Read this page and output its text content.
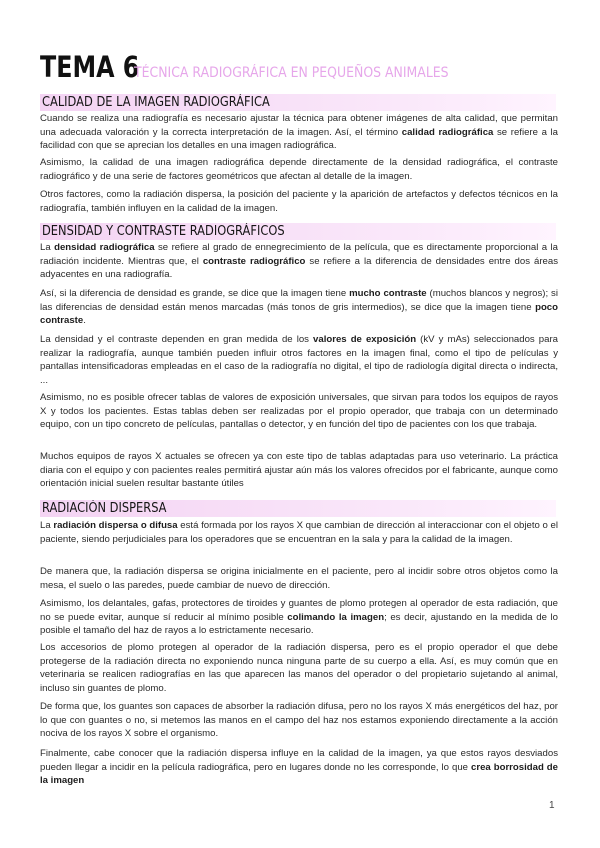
TEMA 6
TÉCNICA RADIOGRÁFICA EN PEQUEÑOS ANIMALES
CALIDAD DE LA IMAGEN RADIOGRÁFICA

Cuando se realiza una radiografía es necesario ajustar la técnica para obtener imágenes de alta calidad, que permitan una adecuada valoración y la correcta interpretación de la imagen. Así, el término calidad radiográfica se refiere a la facilidad con que se aprecian los detalles en una imagen radiográfica.

Asimismo, la calidad de una imagen radiográfica depende directamente de la densidad radiográfica, el contraste radiográfico y de una serie de factores geométricos que afectan al detalle de la imagen.

Otros factores, como la radiación dispersa, la posición del paciente y la aparición de artefactos y defectos técnicos en la radiografía, también influyen en la calidad de la imagen.

DENSIDAD Y CONTRASTE RADIOGRÁFICOS

La densidad radiográfica se refiere al grado de ennegrecimiento de la película, que es directamente proporcional a la radiación incidente. Mientras que, el contraste radiográfico se refiere a la diferencia de densidades entre dos áreas adyacentes en una radiografía.

Así, si la diferencia de densidad es grande, se dice que la imagen tiene mucho contraste (muchos blancos y negros); si las diferencias de densidad están menos marcadas (más tonos de gris intermedios), se dice que la imagen tiene poco contraste.

La densidad y el contraste dependen en gran medida de los valores de exposición (kV y mAs) seleccionados para realizar la radiografía, aunque también pueden influir otros factores en la imagen final, como el tipo de películas y pantallas intensificadoras empleadas en el caso de la radiografía no digital, el tipo de radiología digital directa o indirecta, ...

Asimismo, no es posible ofrecer tablas de valores de exposición universales, que sirvan para todos los equipos de rayos X y todos los pacientes. Estas tablas deben ser realizadas por el propio operador, que trabaja con un determinado equipo, con un tipo concreto de películas, pantallas o detector, y en función del tipo de pacientes con los que trabaja.

Muchos equipos de rayos X actuales se ofrecen ya con este tipo de tablas adaptadas para uso veterinario. La práctica diaria con el equipo y con pacientes reales permitirá ajustar aún más los valores ofrecidos por el fabricante, aunque como orientación inicial suelen resultar bastante útiles

RADIACIÓN DISPERSA

La radiación dispersa o difusa está formada por los rayos X que cambian de dirección al interaccionar con el objeto o el paciente, siendo perjudiciales para los operadores que se encuentran en la sala y para la calidad de la imagen.

De manera que, la radiación dispersa se origina inicialmente en el paciente, pero al incidir sobre otros objetos como la mesa, el suelo o las paredes, puede cambiar de nuevo de dirección.

Asimismo, los delantales, gafas, protectores de tiroides y guantes de plomo protegen al operador de esta radiación, que no se puede evitar, aunque sí reducir al mínimo posible colimando la imagen; es decir, ajustando en la medida de lo posible el tamaño del haz de rayos a lo estrictamente necesario.

Los accesorios de plomo protegen al operador de la radiación dispersa, pero es el propio operador el que debe protegerse de la radiación directa no exponiendo nunca ninguna parte de su cuerpo a ella. Así, es muy común que en veterinaria se realicen radiografías en las que aparecen las manos del operador o del propietario sujetando al animal, incluso sin guantes de plomo.

De forma que, los guantes son capaces de absorber la radiación difusa, pero no los rayos X más energéticos del haz, por lo que con guantes o no, si metemos las manos en el campo del haz nos estamos exponiendo directamente a la acción nociva de los rayos X sobre el organismo.

Finalmente, cabe conocer que la radiación dispersa influye en la calidad de la imagen, ya que estos rayos desviados pueden llegar a incidir en la película radiográfica, pero en lugares donde no les corresponde, lo que crea borrosidad de la imagen

1
